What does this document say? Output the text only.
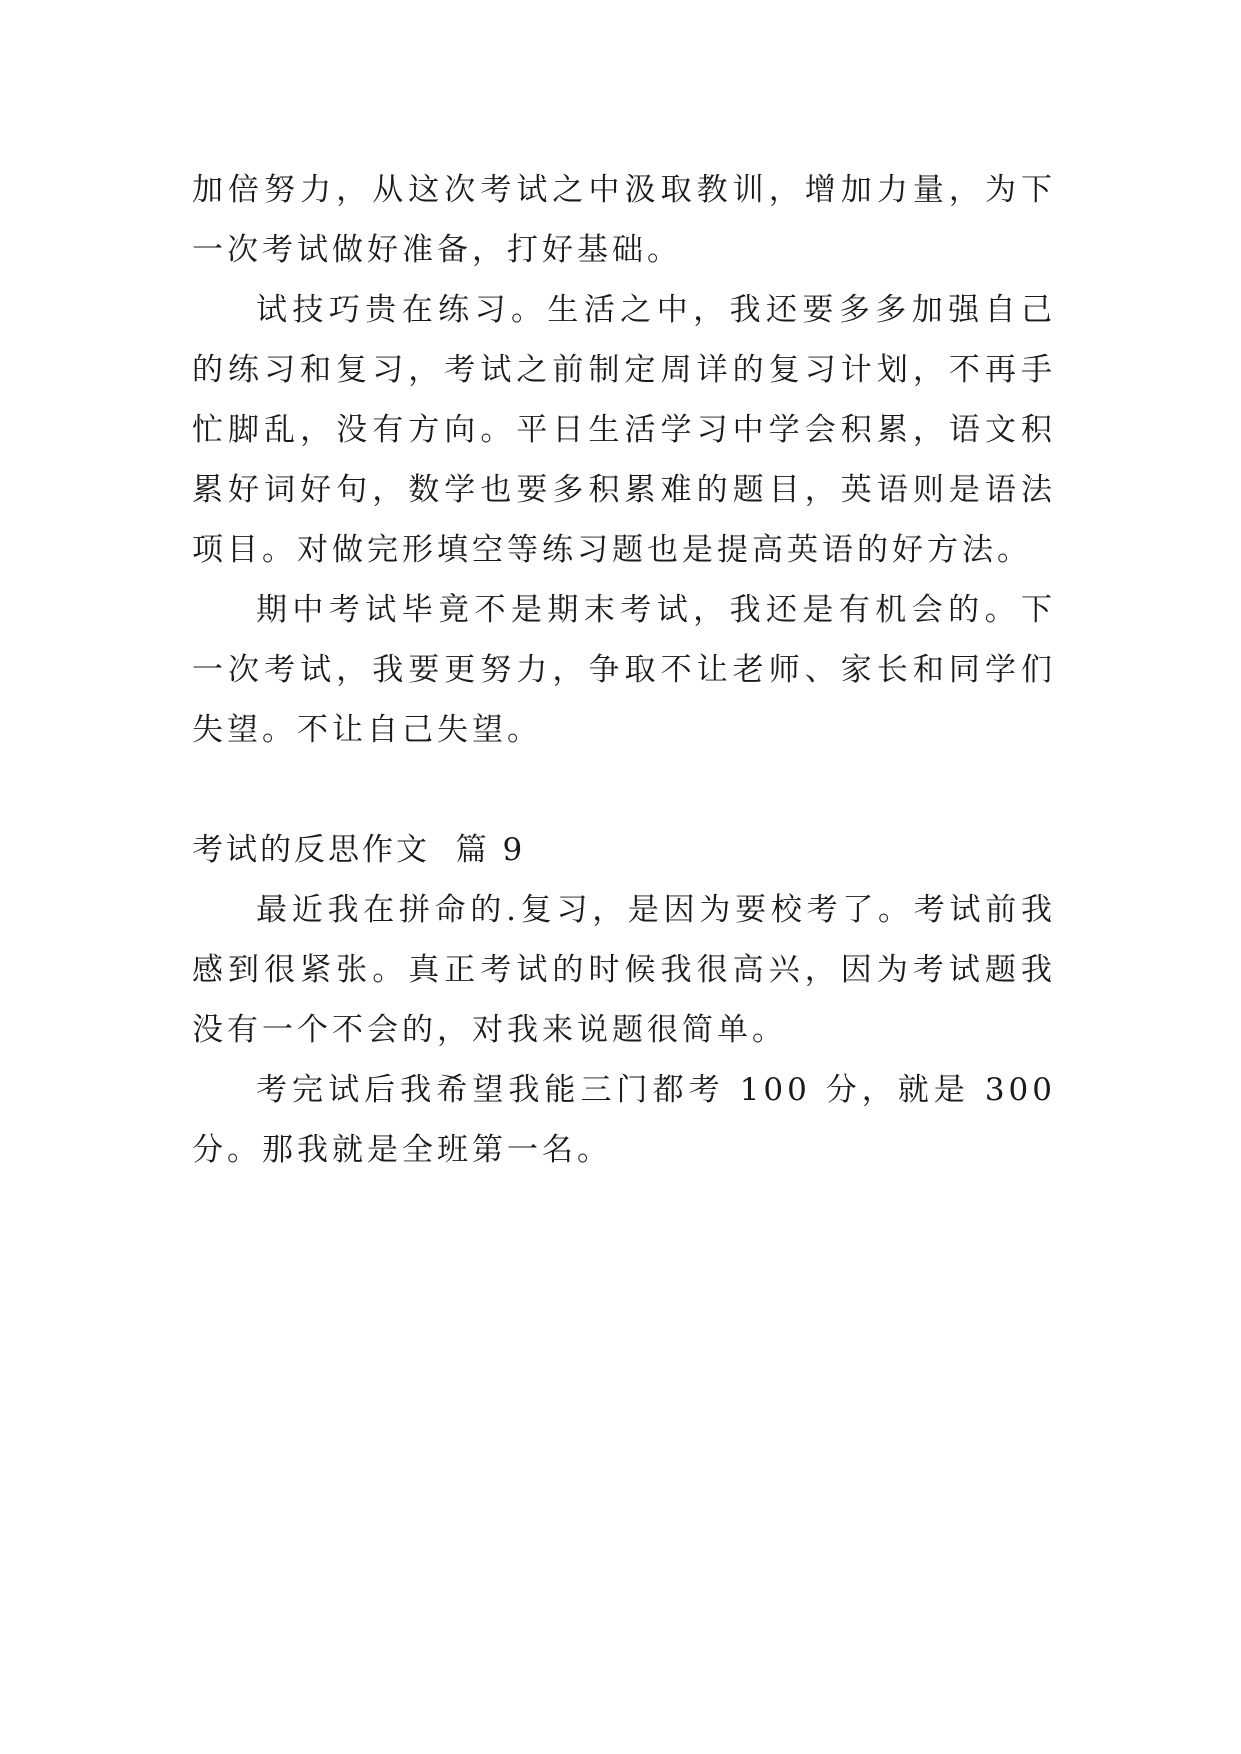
加倍努力，从这次考试之中汲取教训，增加力量，为下一次考试做好准备，打好基础。

试技巧贵在练习。生活之中，我还要多多加强自己的练习和复习，考试之前制定周详的复习计划，不再手忙脚乱，没有方向。平日生活学习中学会积累，语文积累好词好句，数学也要多积累难的题目，英语则是语法项目。对做完形填空等练习题也是提高英语的好方法。

期中考试毕竟不是期末考试，我还是有机会的。下一次考试，我要更努力，争取不让老师、家长和同学们失望。不让自己失望。

考试的反思作文  篇 9

最近我在拼命的.复习，是因为要校考了。考试前我感到很紧张。真正考试的时候我很高兴，因为考试题我没有一个不会的，对我来说题很简单。

考完试后我希望我能三门都考 100 分，就是 300 分。那我就是全班第一名。
